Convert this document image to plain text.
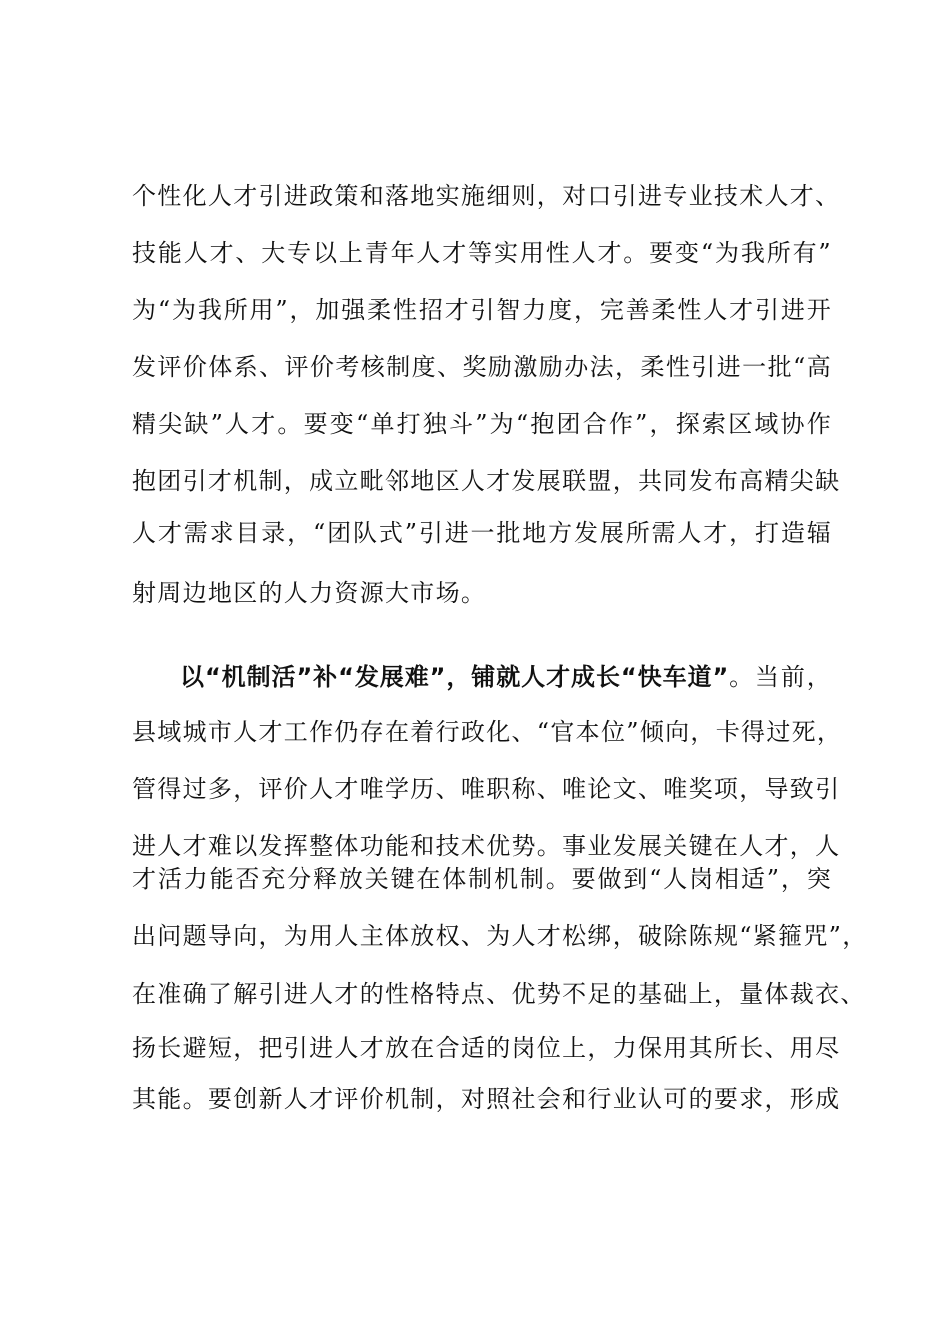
个性化人才引进政策和落地实施细则，对口引进专业技术人才、
技能人才、大专以上青年人才等实用性人才。要变“为我所有”
为“为我所用”，加强柔性招才引智力度，完善柔性人才引进开
发评价体系、评价考核制度、奖励激励办法，柔性引进一批“高
精尖缺”人才。要变“单打独斗”为“抱团合作”，探索区域协作
抱团引才机制，成立毗邻地区人才发展联盟，共同发布高精尖缺
人才需求目录，“团队式”引进一批地方发展所需人才，打造辐
射周边地区的人力资源大市场。
以“机制活”补“发展难”，铺就人才成长“快车道”。当前，
县域城市人才工作仍存在着行政化、“官本位”倾向，卡得过死，
管得过多，评价人才唯学历、唯职称、唯论文、唯奖项，导致引
进人才难以发挥整体功能和技术优势。事业发展关键在人才，人
才活力能否充分释放关键在体制机制。要做到“人岗相适”，突
出问题导向，为用人主体放权、为人才松绑，破除陈规“紧箍咒”，
在准确了解引进人才的性格特点、优势不足的基础上，量体裁衣、
扬长避短，把引进人才放在合适的岗位上，力保用其所长、用尽
其能。要创新人才评价机制，对照社会和行业认可的要求，形成
